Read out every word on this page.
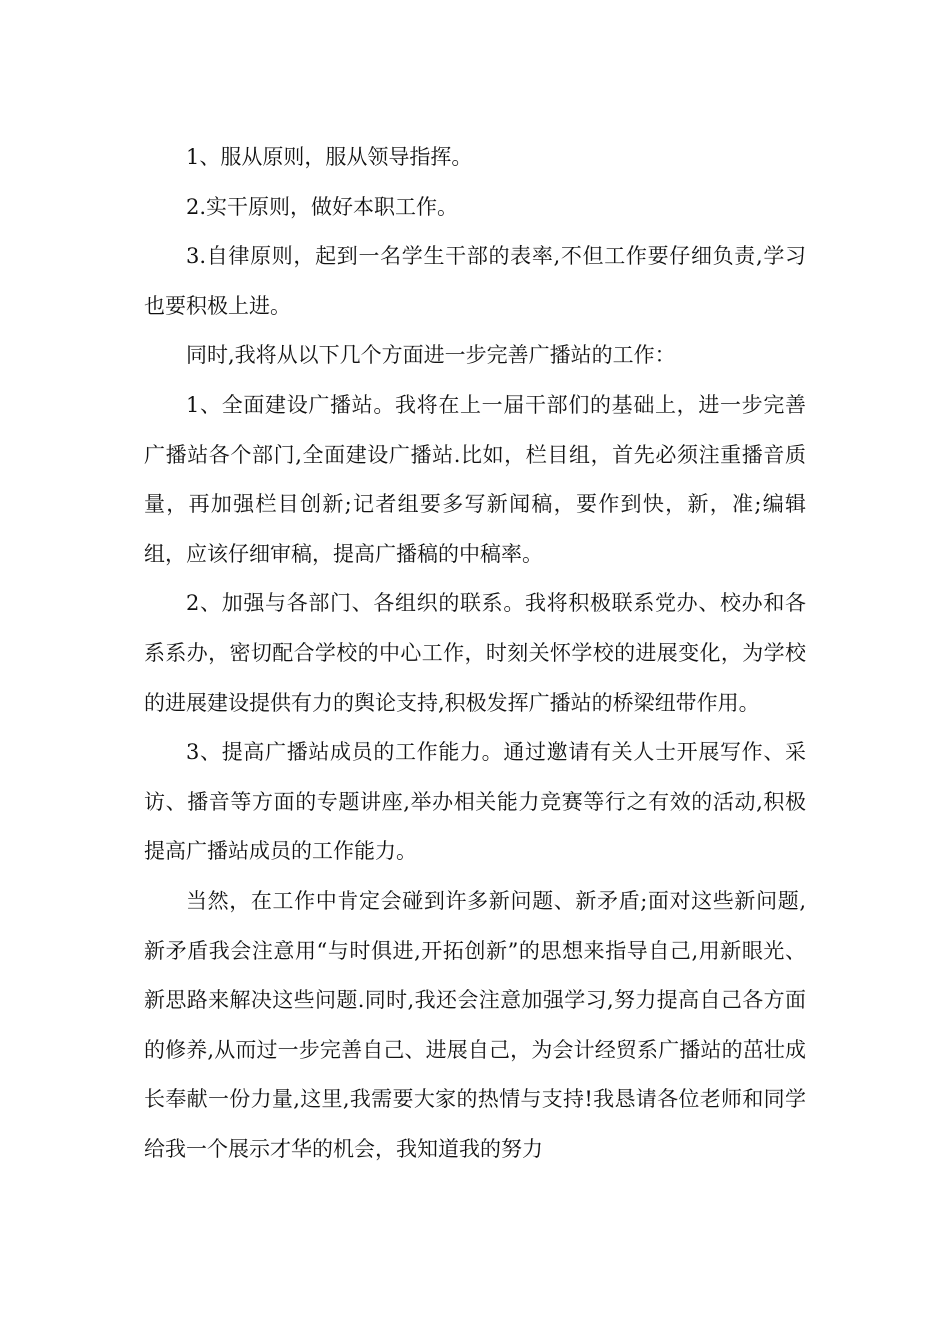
1、服从原则，服从领导指挥。

2.实干原则，做好本职工作。

3.自律原则，起到一名学生干部的表率,不但工作要仔细负责,学习也要积极上进。

同时,我将从以下几个方面进一步完善广播站的工作：

1、全面建设广播站。我将在上一届干部们的基础上，进一步完善广播站各个部门,全面建设广播站.比如，栏目组，首先必须注重播音质量，再加强栏目创新;记者组要多写新闻稿，要作到快，新，准;编辑组，应该仔细审稿，提高广播稿的中稿率。

2、加强与各部门、各组织的联系。我将积极联系党办、校办和各系系办，密切配合学校的中心工作，时刻关怀学校的进展变化，为学校的进展建设提供有力的舆论支持,积极发挥广播站的桥梁纽带作用。

3、提高广播站成员的工作能力。通过邀请有关人士开展写作、采访、播音等方面的专题讲座,举办相关能力竞赛等行之有效的活动,积极提高广播站成员的工作能力。

当然，在工作中肯定会碰到许多新问题、新矛盾;面对这些新问题,新矛盾我会注意用“与时俱进,开拓创新”的思想来指导自己,用新眼光、新思路来解决这些问题.同时,我还会注意加强学习,努力提高自己各方面的修养,从而过一步完善自己、进展自己，为会计经贸系广播站的茁壮成长奉献一份力量,这里,我需要大家的热情与支持!我恳请各位老师和同学给我一个展示才华的机会，我知道我的努力
